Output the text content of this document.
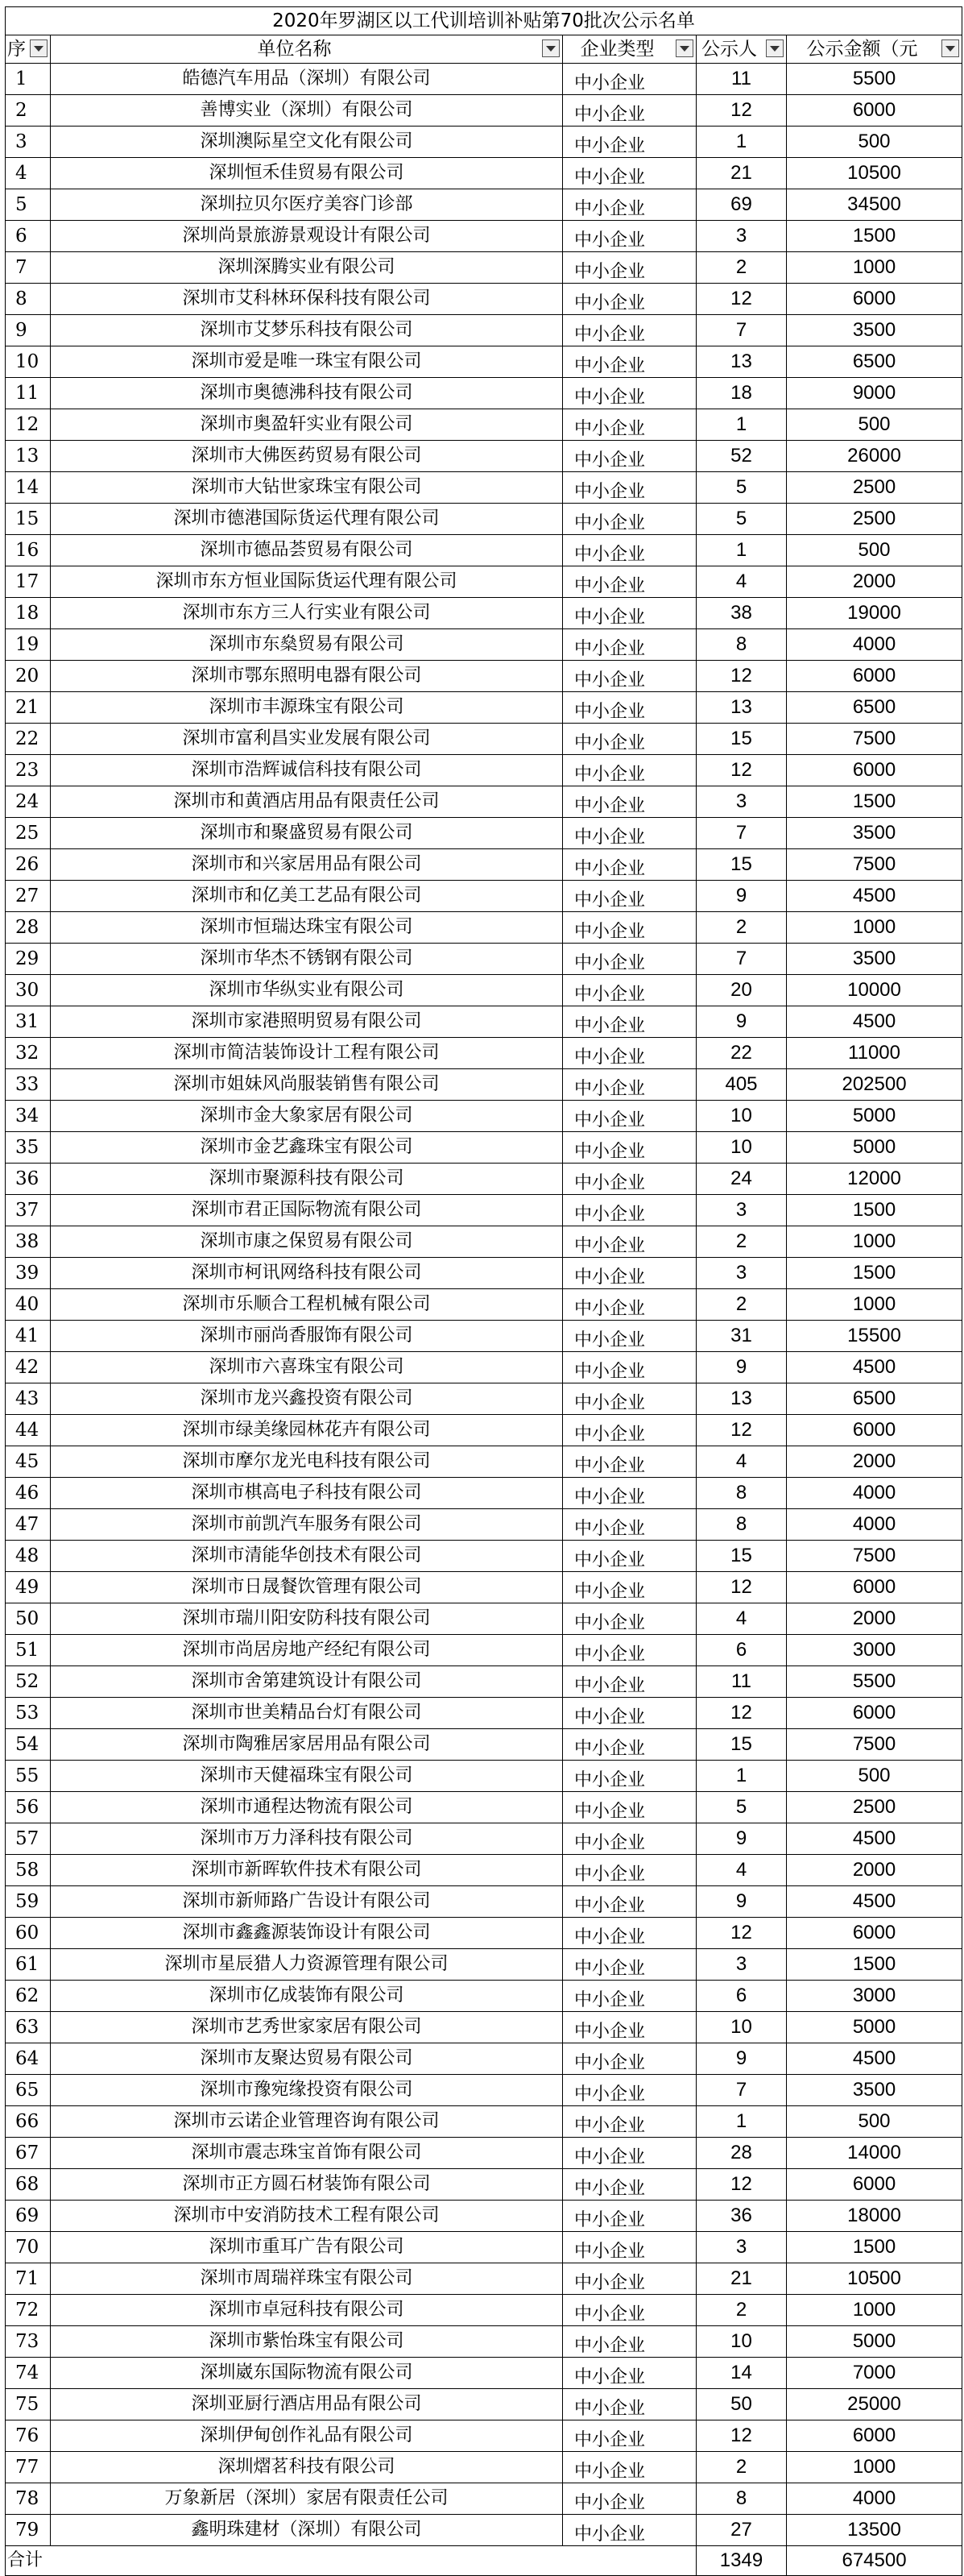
2020年罗湖区以工代训培训补贴第70批次公示名单				

序	单位名称	企业类型	公示人	公示金额（元

1	皓德汽车用品（深圳）有限公司	中小企业	11	5500
2	善博实业（深圳）有限公司	中小企业	12	6000
3	深圳澳际星空文化有限公司	中小企业	1	500
4	深圳恒禾佳贸易有限公司	中小企业	21	10500
5	深圳拉贝尔医疗美容门诊部	中小企业	69	34500
6	深圳尚景旅游景观设计有限公司	中小企业	3	1500
7	深圳深腾实业有限公司	中小企业	2	1000
8	深圳市艾科林环保科技有限公司	中小企业	12	6000
9	深圳市艾梦乐科技有限公司	中小企业	7	3500
10	深圳市爱是唯一珠宝有限公司	中小企业	13	6500
11	深圳市奥德沸科技有限公司	中小企业	18	9000
12	深圳市奥盈轩实业有限公司	中小企业	1	500
13	深圳市大佛医药贸易有限公司	中小企业	52	26000
14	深圳市大钻世家珠宝有限公司	中小企业	5	2500
15	深圳市德港国际货运代理有限公司	中小企业	5	2500
16	深圳市德品荟贸易有限公司	中小企业	1	500
17	深圳市东方恒业国际货运代理有限公司	中小企业	4	2000
18	深圳市东方三人行实业有限公司	中小企业	38	19000
19	深圳市东燊贸易有限公司	中小企业	8	4000
20	深圳市鄂东照明电器有限公司	中小企业	12	6000
21	深圳市丰源珠宝有限公司	中小企业	13	6500
22	深圳市富利昌实业发展有限公司	中小企业	15	7500
23	深圳市浩辉诚信科技有限公司	中小企业	12	6000
24	深圳市和黄酒店用品有限责任公司	中小企业	3	1500
25	深圳市和聚盛贸易有限公司	中小企业	7	3500
26	深圳市和兴家居用品有限公司	中小企业	15	7500
27	深圳市和亿美工艺品有限公司	中小企业	9	4500
28	深圳市恒瑞达珠宝有限公司	中小企业	2	1000
29	深圳市华杰不锈钢有限公司	中小企业	7	3500
30	深圳市华纵实业有限公司	中小企业	20	10000
31	深圳市家港照明贸易有限公司	中小企业	9	4500
32	深圳市简洁装饰设计工程有限公司	中小企业	22	11000
33	深圳市姐妹风尚服装销售有限公司	中小企业	405	202500
34	深圳市金大象家居有限公司	中小企业	10	5000
35	深圳市金艺鑫珠宝有限公司	中小企业	10	5000
36	深圳市聚源科技有限公司	中小企业	24	12000
37	深圳市君正国际物流有限公司	中小企业	3	1500
38	深圳市康之保贸易有限公司	中小企业	2	1000
39	深圳市柯讯网络科技有限公司	中小企业	3	1500
40	深圳市乐顺合工程机械有限公司	中小企业	2	1000
41	深圳市丽尚香服饰有限公司	中小企业	31	15500
42	深圳市六喜珠宝有限公司	中小企业	9	4500
43	深圳市龙兴鑫投资有限公司	中小企业	13	6500
44	深圳市绿美缘园林花卉有限公司	中小企业	12	6000
45	深圳市摩尔龙光电科技有限公司	中小企业	4	2000
46	深圳市棋高电子科技有限公司	中小企业	8	4000
47	深圳市前凯汽车服务有限公司	中小企业	8	4000
48	深圳市清能华创技术有限公司	中小企业	15	7500
49	深圳市日晟餐饮管理有限公司	中小企业	12	6000
50	深圳市瑞川阳安防科技有限公司	中小企业	4	2000
51	深圳市尚居房地产经纪有限公司	中小企业	6	3000
52	深圳市舍第建筑设计有限公司	中小企业	11	5500
53	深圳市世美精品台灯有限公司	中小企业	12	6000
54	深圳市陶雅居家居用品有限公司	中小企业	15	7500
55	深圳市天健福珠宝有限公司	中小企业	1	500
56	深圳市通程达物流有限公司	中小企业	5	2500
57	深圳市万力泽科技有限公司	中小企业	9	4500
58	深圳市新晖软件技术有限公司	中小企业	4	2000
59	深圳市新师路广告设计有限公司	中小企业	9	4500
60	深圳市鑫鑫源装饰设计有限公司	中小企业	12	6000
61	深圳市星辰猎人力资源管理有限公司	中小企业	3	1500
62	深圳市亿成装饰有限公司	中小企业	6	3000
63	深圳市艺秀世家家居有限公司	中小企业	10	5000
64	深圳市友聚达贸易有限公司	中小企业	9	4500
65	深圳市豫宛缘投资有限公司	中小企业	7	3500
66	深圳市云诺企业管理咨询有限公司	中小企业	1	500
67	深圳市震志珠宝首饰有限公司	中小企业	28	14000
68	深圳市正方圆石材装饰有限公司	中小企业	12	6000
69	深圳市中安消防技术工程有限公司	中小企业	36	18000
70	深圳市重耳广告有限公司	中小企业	3	1500
71	深圳市周瑞祥珠宝有限公司	中小企业	21	10500
72	深圳市卓冠科技有限公司	中小企业	2	1000
73	深圳市紫怡珠宝有限公司	中小企业	10	5000
74	深圳崴东国际物流有限公司	中小企业	14	7000
75	深圳亚厨行酒店用品有限公司	中小企业	50	25000
76	深圳伊甸创作礼品有限公司	中小企业	12	6000
77	深圳熠茗科技有限公司	中小企业	2	1000
78	万象新居（深圳）家居有限责任公司	中小企业	8	4000
79	鑫明珠建材（深圳）有限公司	中小企业	27	13500
合计			1349	674500
